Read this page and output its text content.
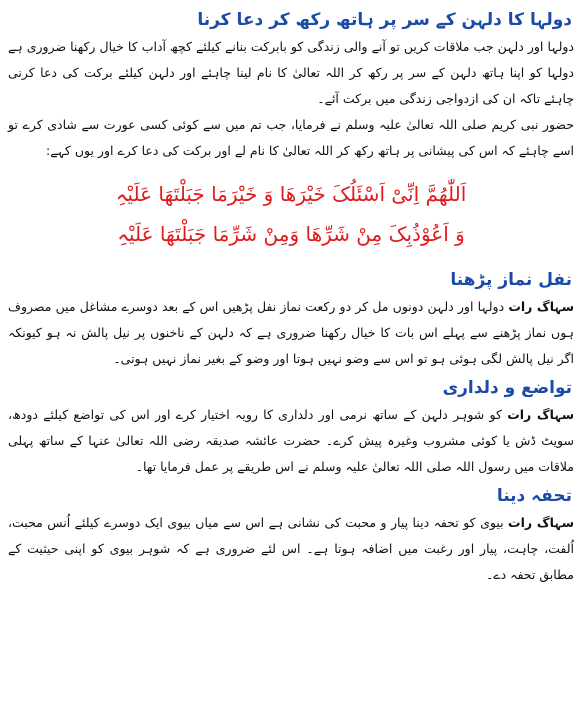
دولہا کا دلہن کے سر پر ہاتھ رکھ کر دعا کرنا

دولہا اور دلہن جب ملاقات کریں تو آنے والی زندگی کو بابرکت بنانے کیلئے کچھ آداب کا خیال رکھنا ضروری ہے دولہا کو اپنا ہاتھ دلہن کے سر پر رکھ کر اللہ تعالیٰ کا نام لینا چاہئے اور دلہن کیلئے برکت کی دعا کرنی چاہئے تاکہ ان کی ازدواجی زندگی میں برکت آئے۔

حضور نبی کریم صلی اللہ تعالیٰ علیہ وسلم نے فرمایا، جب تم میں سے کوئی کسی عورت سے شادی کرے تو اسے چاہئے کہ اس کی پیشانی پر ہاتھ رکھ کر اللہ تعالیٰ کا نام لے اور برکت کی دعا کرے اور یوں کہے:

اَللّٰھُمَّ اِنِّیْ اَسْئَلُکَ خَیْرَھَا وَ خَیْرَمَا جَبَلْتَھَا عَلَیْہِ

وَ اَعُوْذُبِکَ مِنْ شَرِّھَا وَمِنْ شَرِّمَا جَبَلْتَھَا عَلَیْہِ

نفل نماز پڑھنا

سہاگ رات دولہا اور دلہن دونوں مل کر دو رکعت نماز نفل پڑھیں اس کے بعد دوسرے مشاغل میں مصروف ہوں نماز پڑھنے سے پہلے اس بات کا خیال رکھنا ضروری ہے کہ دلہن کے ناخنوں پر نیل پالش نہ ہو کیونکہ اگر نیل پالش لگی ہوئی ہو تو اس سے وضو نہیں ہوتا اور وضو کے بغیر نماز نہیں ہوتی۔

تواضع و دلداری

سہاگ رات کو شوہر دلہن کے ساتھ نرمی اور دلداری کا رویہ اختیار کرے اور اس کی تواضع کیلئے دودھ، سویٹ ڈش یا کوئی مشروب وغیرہ پیش کرے۔ حضرت عائشہ صدیقہ رضی اللہ تعالیٰ عنہا کے ساتھ پہلی ملاقات میں رسول اللہ صلی اللہ تعالیٰ علیہ وسلم نے اس طریقے پر عمل فرمایا تھا۔

تحفہ دینا

سہاگ رات بیوی کو تحفہ دینا پیار و محبت کی نشانی ہے اس سے میاں بیوی ایک دوسرے کیلئے اُنس محبت، اُلفت، چاہت، پیار اور رغبت میں اضافہ ہوتا ہے۔ اس لئے ضروری ہے کہ شوہر بیوی کو اپنی حیثیت کے مطابق تحفہ دے۔
